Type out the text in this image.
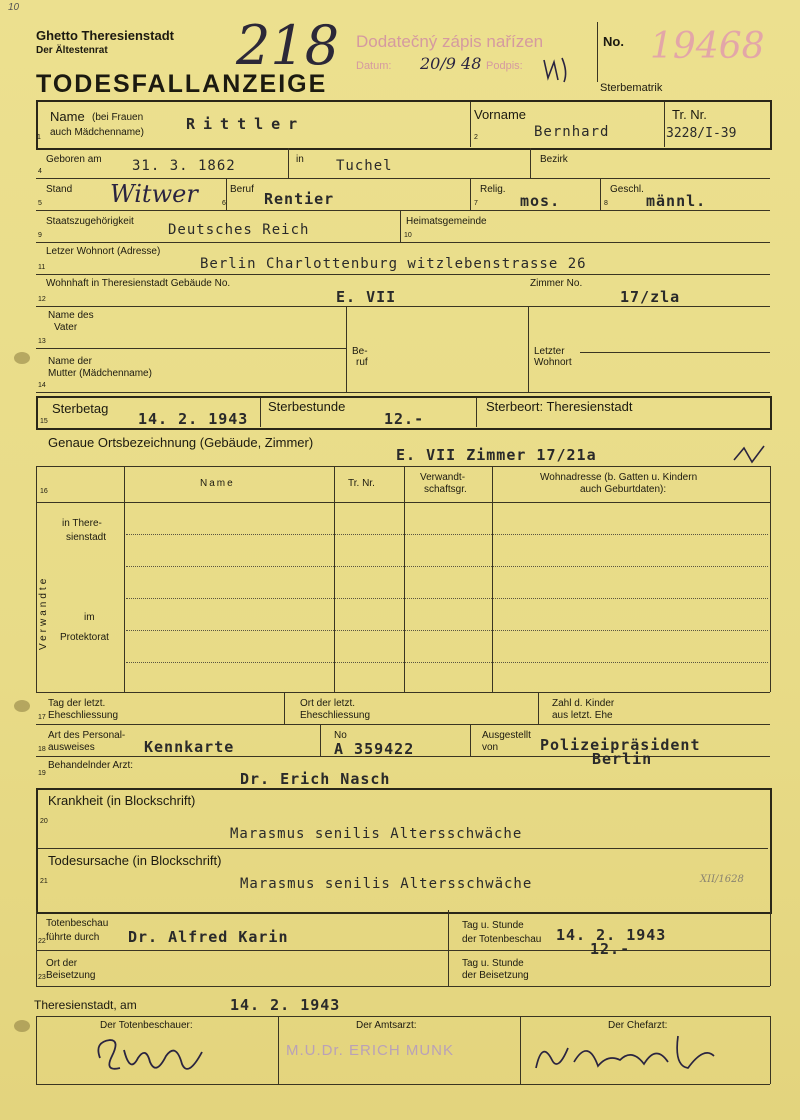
Ghetto Theresienstadt
Der Ältestenrat
TODESFALLANZEIGE
218
10
Dodatečný zápis nařízen
Datum: 20/9 48 Podpis:
No. 19468
Sterbematrik
Name (bei Frauen
auch Mädchenname)	Rittler
Vorname
Bernhard
Tr. Nr.
3228/I-39
Geboren am 31. 3. 1862	in Tuchel	Bezirk
Stand Witwer	Beruf
Rentier
Relig.
mos.
Geschl.
männl.
Staatszugehörigkeit
Deutsches Reich
Heimatsgemeinde
Letzer Wohnort (Adresse)
Berlin Charlottenburg witzlebenstrasse 26
Wohnhaft in Theresienstadt Gebäude No.
E. VII
Zimmer No.
17/zla
Name des
Vater
Name der
Mutter (Mädchenname)
Be-
ruf
Letzter
Wohnort
Sterbetag
14. 2. 1943
Sterbestunde
12.-
Sterbeort: Theresienstadt
Genaue Ortsbezeichnung (Gebäude, Zimmer)
E. VII Zimmer 17/21a
Name	Tr. Nr.
Verwandt-
schaftsgr.
Wohnadresse (b. Gatten u. Kindern
auch Geburtdaten):
Verwandte
in There-
sienstadt
im
Protektorat
Tag der letzt.
Eheschliessung
Ort der letzt.
Eheschliessung
Zahl d. Kinder
aus letzt. Ehe
Art des Personal-
ausweises	Kennkarte
No
A 359422
Ausgestellt
von	Polizeipräsident
Berlin
Behandelnder Arzt:
Dr. Erich Nasch
Krankheit (in Blockschrift)
Marasmus senilis Altersschwäche
Todesursache (in Blockschrift)
Marasmus senilis Altersschwäche	XII/1628
Totenbeschau
führte durch Dr. Alfred Karin
Tag u. Stunde
der Totenbeschau 14. 2. 1943
12.-
Ort der
Beisetzung
Tag u. Stunde
der Beisetzung
Theresienstadt, am	14. 2. 1943
Der Totenbeschauer:	Der Amtsarzt:	Der Chefarzt:
M.U.Dr. ERICH MUNK
1	2
4
5	6	7	8
9	10
11
12
13
14
15
16
17
18
19
20
21
22
23
